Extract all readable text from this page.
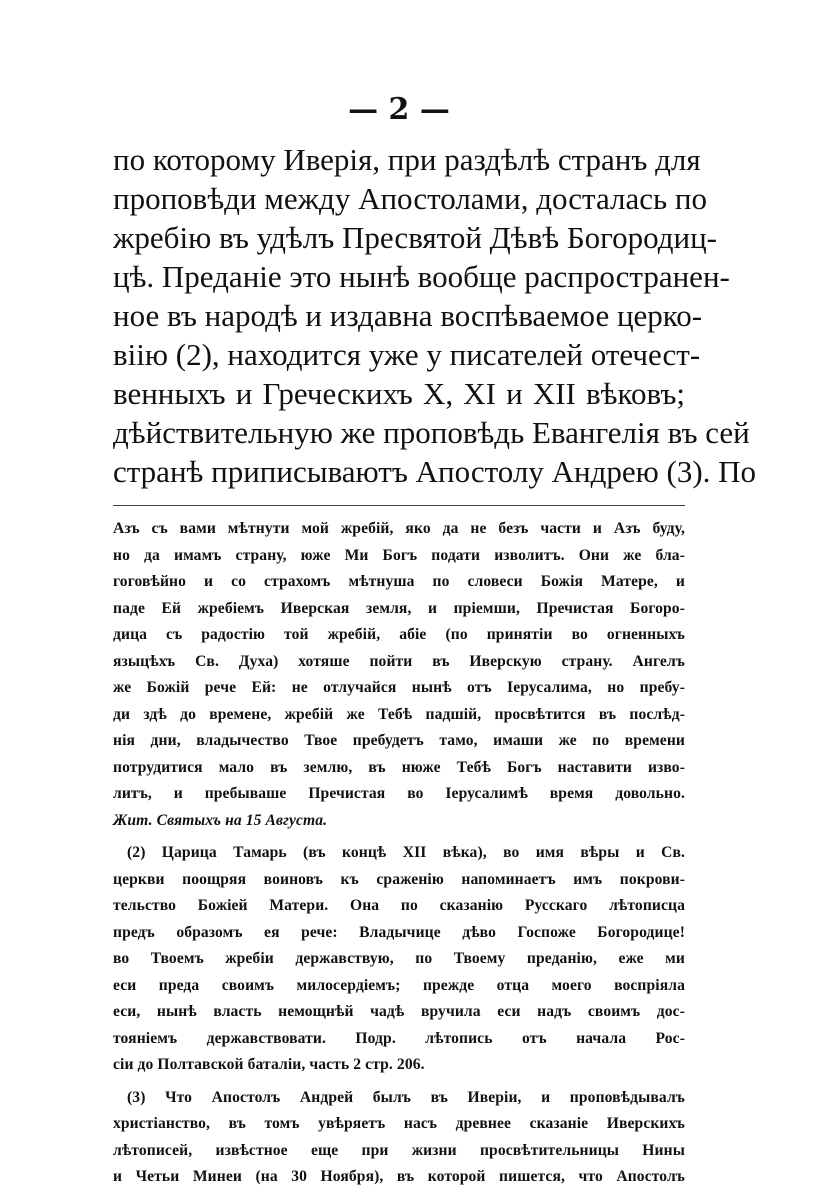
— 2 —
по которому Иверія, при раздѣлѣ странъ для
проповѣди между Апостолами, досталась по
жребію въ удѣлъ Пресвятой Дѣвѣ Богородиц-
цѣ. Преданіе это нынѣ вообще распространен-
ное въ народѣ и издавна воспѣваемое церко-
віію (2), находится уже у писателей отечест-
венныхъ и Греческихъ X, XI и XII вѣковъ;
дѣйствительную же проповѣдь Евангелія въ сей
странѣ приписываютъ Апостолу Андрею (3). По
Азъ съ вами мѣтнути мой жребій, яко да не безъ части и Азъ буду,
но да имамъ страну, юже Ми Богъ подати изволитъ. Они же бла-
гоговѣйно и со страхомъ мѣтнуша по словеси Божія Матере, и
паде Ей жребіемъ Иверская земля, и пріемши, Пречистая Богоро-
дица съ радостію той жребій, абіе (по принятіи во огненныхъ
языцѣхъ Св. Духа) хотяше пойти въ Иверскую страну. Ангелъ
же Божій рече Ей: не отлучайся нынѣ отъ Іерусалима, но пребу-
ди здѣ до времене, жребій же Тебѣ падшій, просвѣтится въ послѣд-
нія дни, владычество Твое пребудетъ тамо, имаши же по времени
потрудитися мало въ землю, въ нюже Тебѣ Богъ наставити изво-
литъ, и пребываше Пречистая во Іерусалимѣ время довольно.
Жит. Святыхъ на 15 Августа.
(2) Царица Тамарь (въ концѣ XII вѣка), во имя вѣры и Св.
церкви поощряя воиновъ къ сраженію напоминаетъ имъ покрови-
тельство Божіей Матери. Она по сказанію Русскаго лѣтописца
предъ образомъ ея рече: Владычице дѣво Госпоже Богородице!
во Твоемъ жребіи державствую, по Твоему преданію, еже ми
еси преда своимъ милосердіемъ; прежде отца моего воспріяла
еси, нынѣ власть немощнѣй чадѣ вручила еси надъ своимъ дос-
тояніемъ державствовати. Подр. лѣтопись отъ начала Рос-
сіи до Полтавской баталіи, часть 2 стр. 206.
(3) Что Апостолъ Андрей былъ въ Иверіи, и проповѣдывалъ
христіанство, въ томъ увѣряетъ насъ древнее сказаніе Иверскихъ
лѣтописей, извѣстное еще при жизни просвѣтительницы Нины
и Четьи Минеи (на 30 Ноября), въ которой пишется, что Апостолъ
